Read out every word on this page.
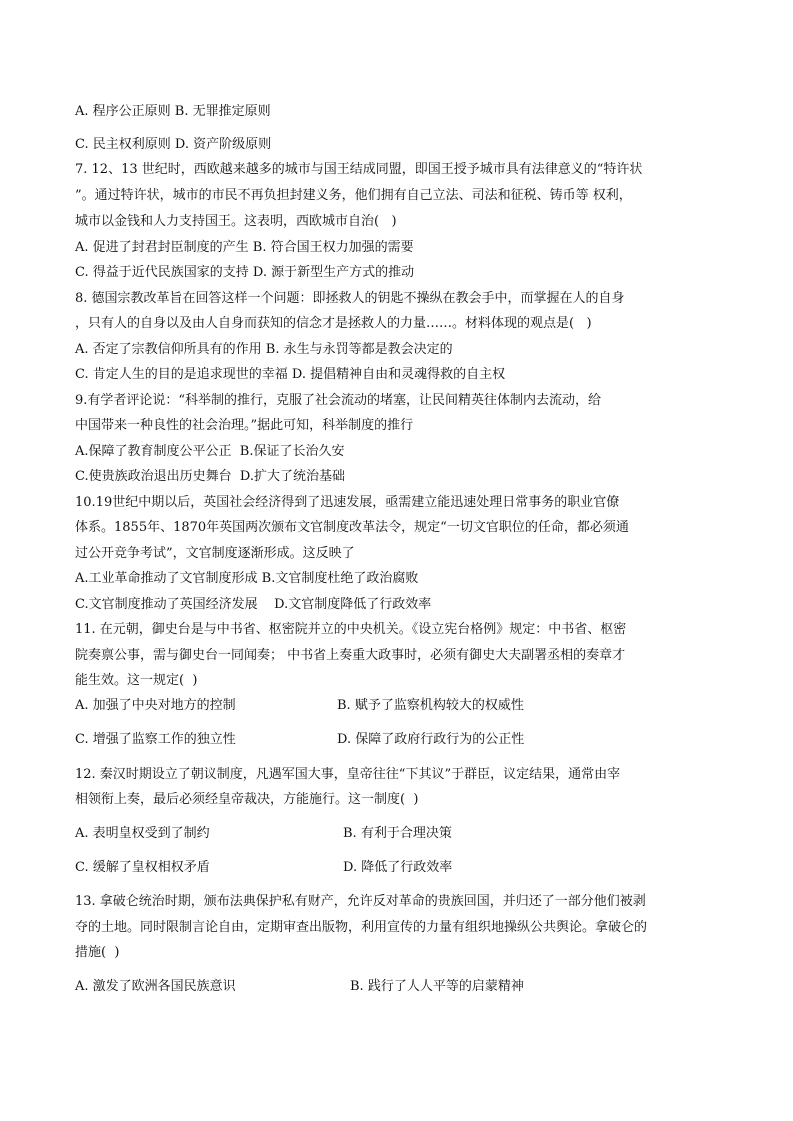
A. 程序公正原则 B. 无罪推定原则
C. 民主权利原则 D. 资产阶级原则
7. 12、13 世纪时，西欧越来越多的城市与国王结成同盟，即国王授予城市具有法律意义的“特许状
”。通过特许状，城市的市民不再负担封建义务，他们拥有自己立法、司法和征税、铸币等 权利，
城市以金钱和人力支持国王。这表明，西欧城市自治(   )
A. 促进了封君封臣制度的产生 B. 符合国王权力加强的需要
C. 得益于近代民族国家的支持 D. 源于新型生产方式的推动
8. 德国宗教改革旨在回答这样一个问题：即拯救人的钥匙不操纵在教会手中，而掌握在人的自身
，只有人的自身以及由人自身而获知的信念才是拯救人的力量……。材料体现的观点是(   )
A. 否定了宗教信仰所具有的作用 B. 永生与永罚等都是教会决定的
C. 肯定人生的目的是追求现世的幸福 D. 提倡精神自由和灵魂得救的自主权
9.有学者评论说：“科举制的推行，克服了社会流动的堵塞，让民间精英往体制内去流动，给
中国带来一种良性的社会治理。”据此可知，科举制度的推行
A.保障了教育制度公平公正  B.保证了长治久安
C.使贵族政治退出历史舞台  D.扩大了统治基础
10.19世纪中期以后，英国社会经济得到了迅速发展，亟需建立能迅速处理日常事务的职业官僚
体系。1855年、1870年英国两次颁布文官制度改革法令，规定“一切文官职位的任命，都必须通
过公开竞争考试”，文官制度逐渐形成。这反映了
A.工业革命推动了文官制度形成 B.文官制度杜绝了政治腐败
C.文官制度推动了英国经济发展    D.文官制度降低了行政效率
11. 在元朝，御史台是与中书省、枢密院并立的中央机关。《设立宪台格例》规定：中书省、枢密
院奏禀公事，需与御史台一同闻奏； 中书省上奏重大政事时，必须有御史大夫副署丞相的奏章才
能生效。这一规定(  )
A. 加强了中央对地方的控制	B. 赋予了监察机构较大的权威性
C. 增强了监察工作的独立性	D. 保障了政府行政行为的公正性
12. 秦汉时期设立了朝议制度，凡遇军国大事，皇帝往往“下其议”于群臣，议定结果，通常由宰
相领衔上奏，最后必须经皇帝裁决，方能施行。这一制度(  )
A. 表明皇权受到了制约	B. 有利于合理决策
C. 缓解了皇权相权矛盾	D. 降低了行政效率
13. 拿破仑统治时期，颁布法典保护私有财产，允许反对革命的贵族回国，并归还了一部分他们被剥
夺的土地。同时限制言论自由，定期审查出版物，利用宣传的力量有组织地操纵公共舆论。拿破仑的
措施(  )
A. 激发了欧洲各国民族意识	B. 践行了人人平等的启蒙精神
